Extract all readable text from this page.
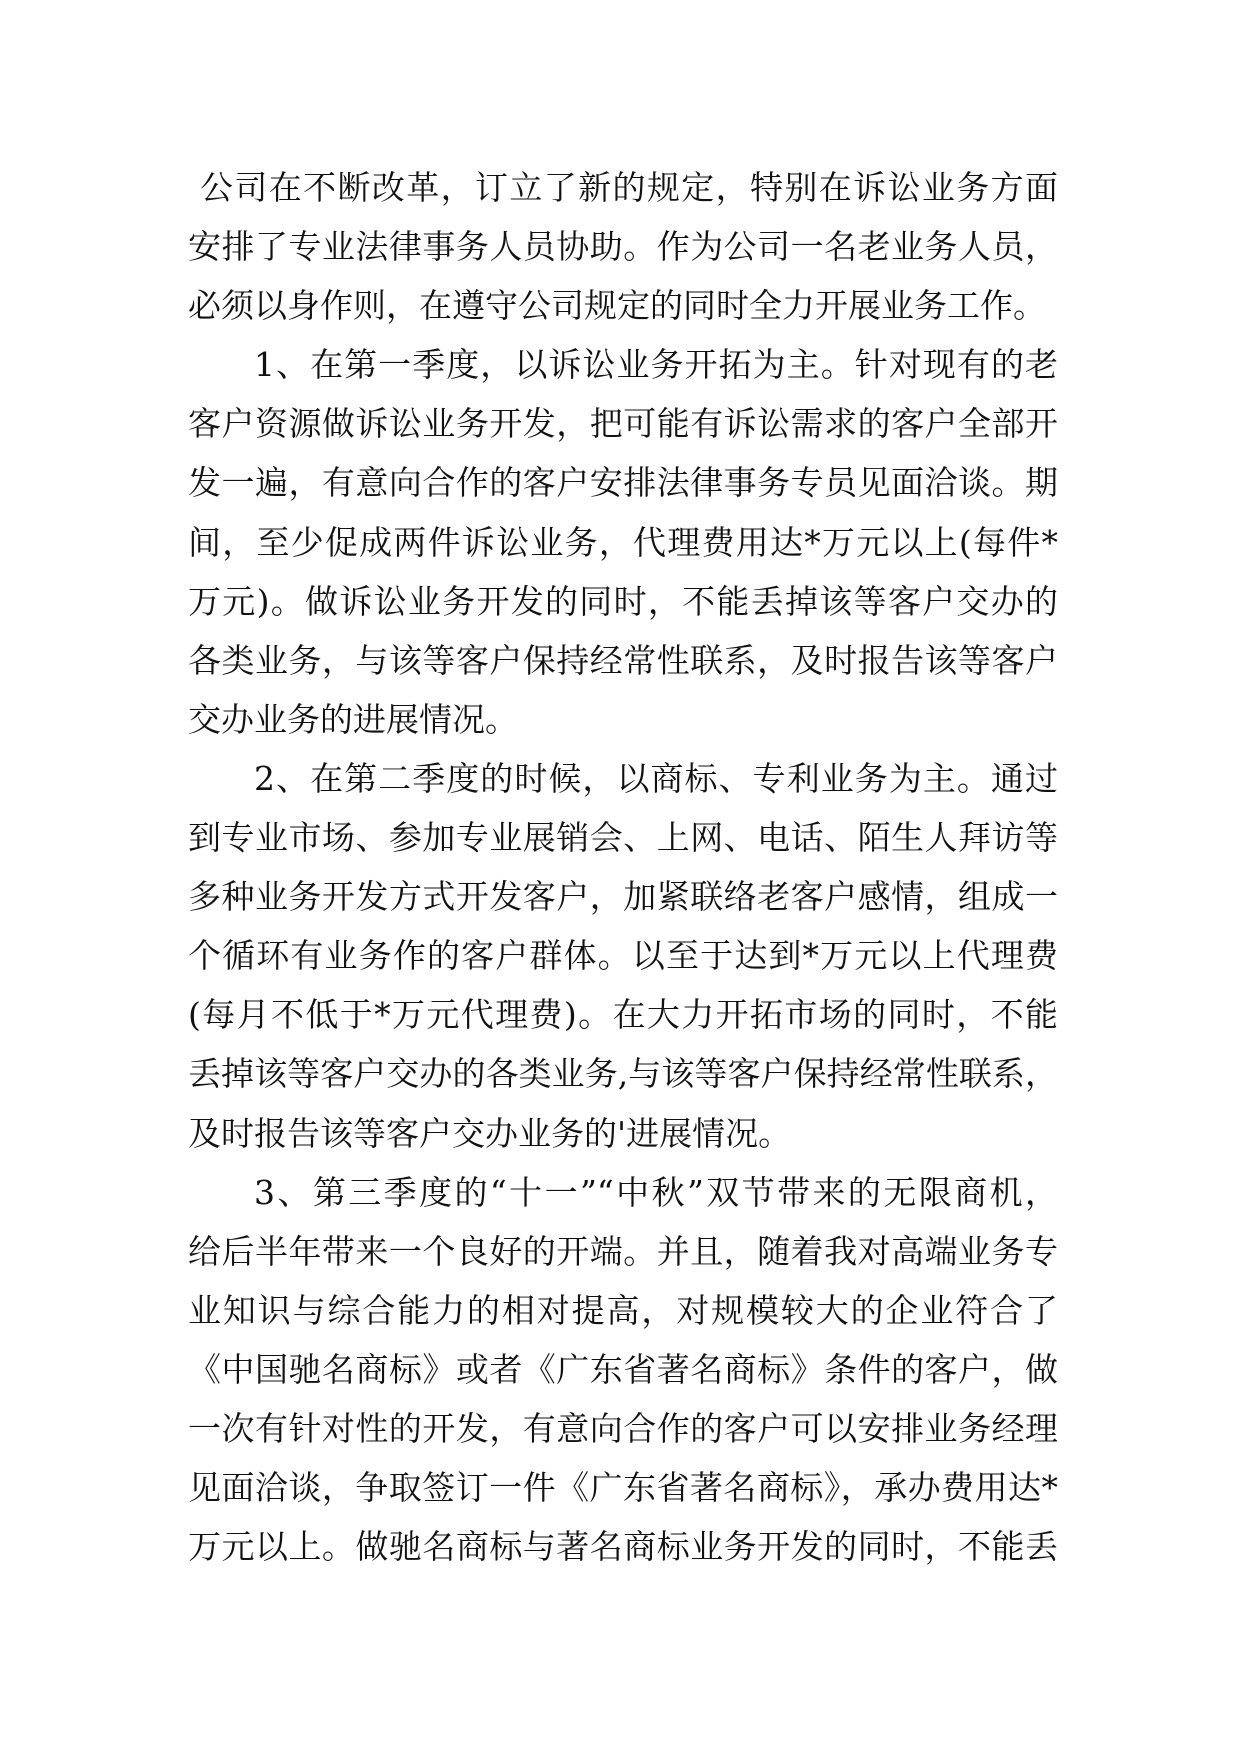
公司在不断改革，订立了新的规定，特别在诉讼业务方面
安排了专业法律事务人员协助。作为公司一名老业务人员，
必须以身作则，在遵守公司规定的同时全力开展业务工作。
1、在第一季度，以诉讼业务开拓为主。针对现有的老
客户资源做诉讼业务开发，把可能有诉讼需求的客户全部开
发一遍，有意向合作的客户安排法律事务专员见面洽谈。期
间，至少促成两件诉讼业务，代理费用达*万元以上(每件*
万元)。做诉讼业务开发的同时，不能丢掉该等客户交办的
各类业务，与该等客户保持经常性联系，及时报告该等客户
交办业务的进展情况。
2、在第二季度的时候，以商标、专利业务为主。通过
到专业市场、参加专业展销会、上网、电话、陌生人拜访等
多种业务开发方式开发客户，加紧联络老客户感情，组成一
个循环有业务作的客户群体。以至于达到*万元以上代理费
(每月不低于*万元代理费)。在大力开拓市场的同时，不能
丢掉该等客户交办的各类业务,与该等客户保持经常性联系，
及时报告该等客户交办业务的'进展情况。
3、第三季度的“十一”“中秋”双节带来的无限商机，
给后半年带来一个良好的开端。并且，随着我对高端业务专
业知识与综合能力的相对提高，对规模较大的企业符合了
《中国驰名商标》或者《广东省著名商标》条件的客户，做
一次有针对性的开发，有意向合作的客户可以安排业务经理
见面洽谈，争取签订一件《广东省著名商标》，承办费用达*
万元以上。做驰名商标与著名商标业务开发的同时，不能丢
